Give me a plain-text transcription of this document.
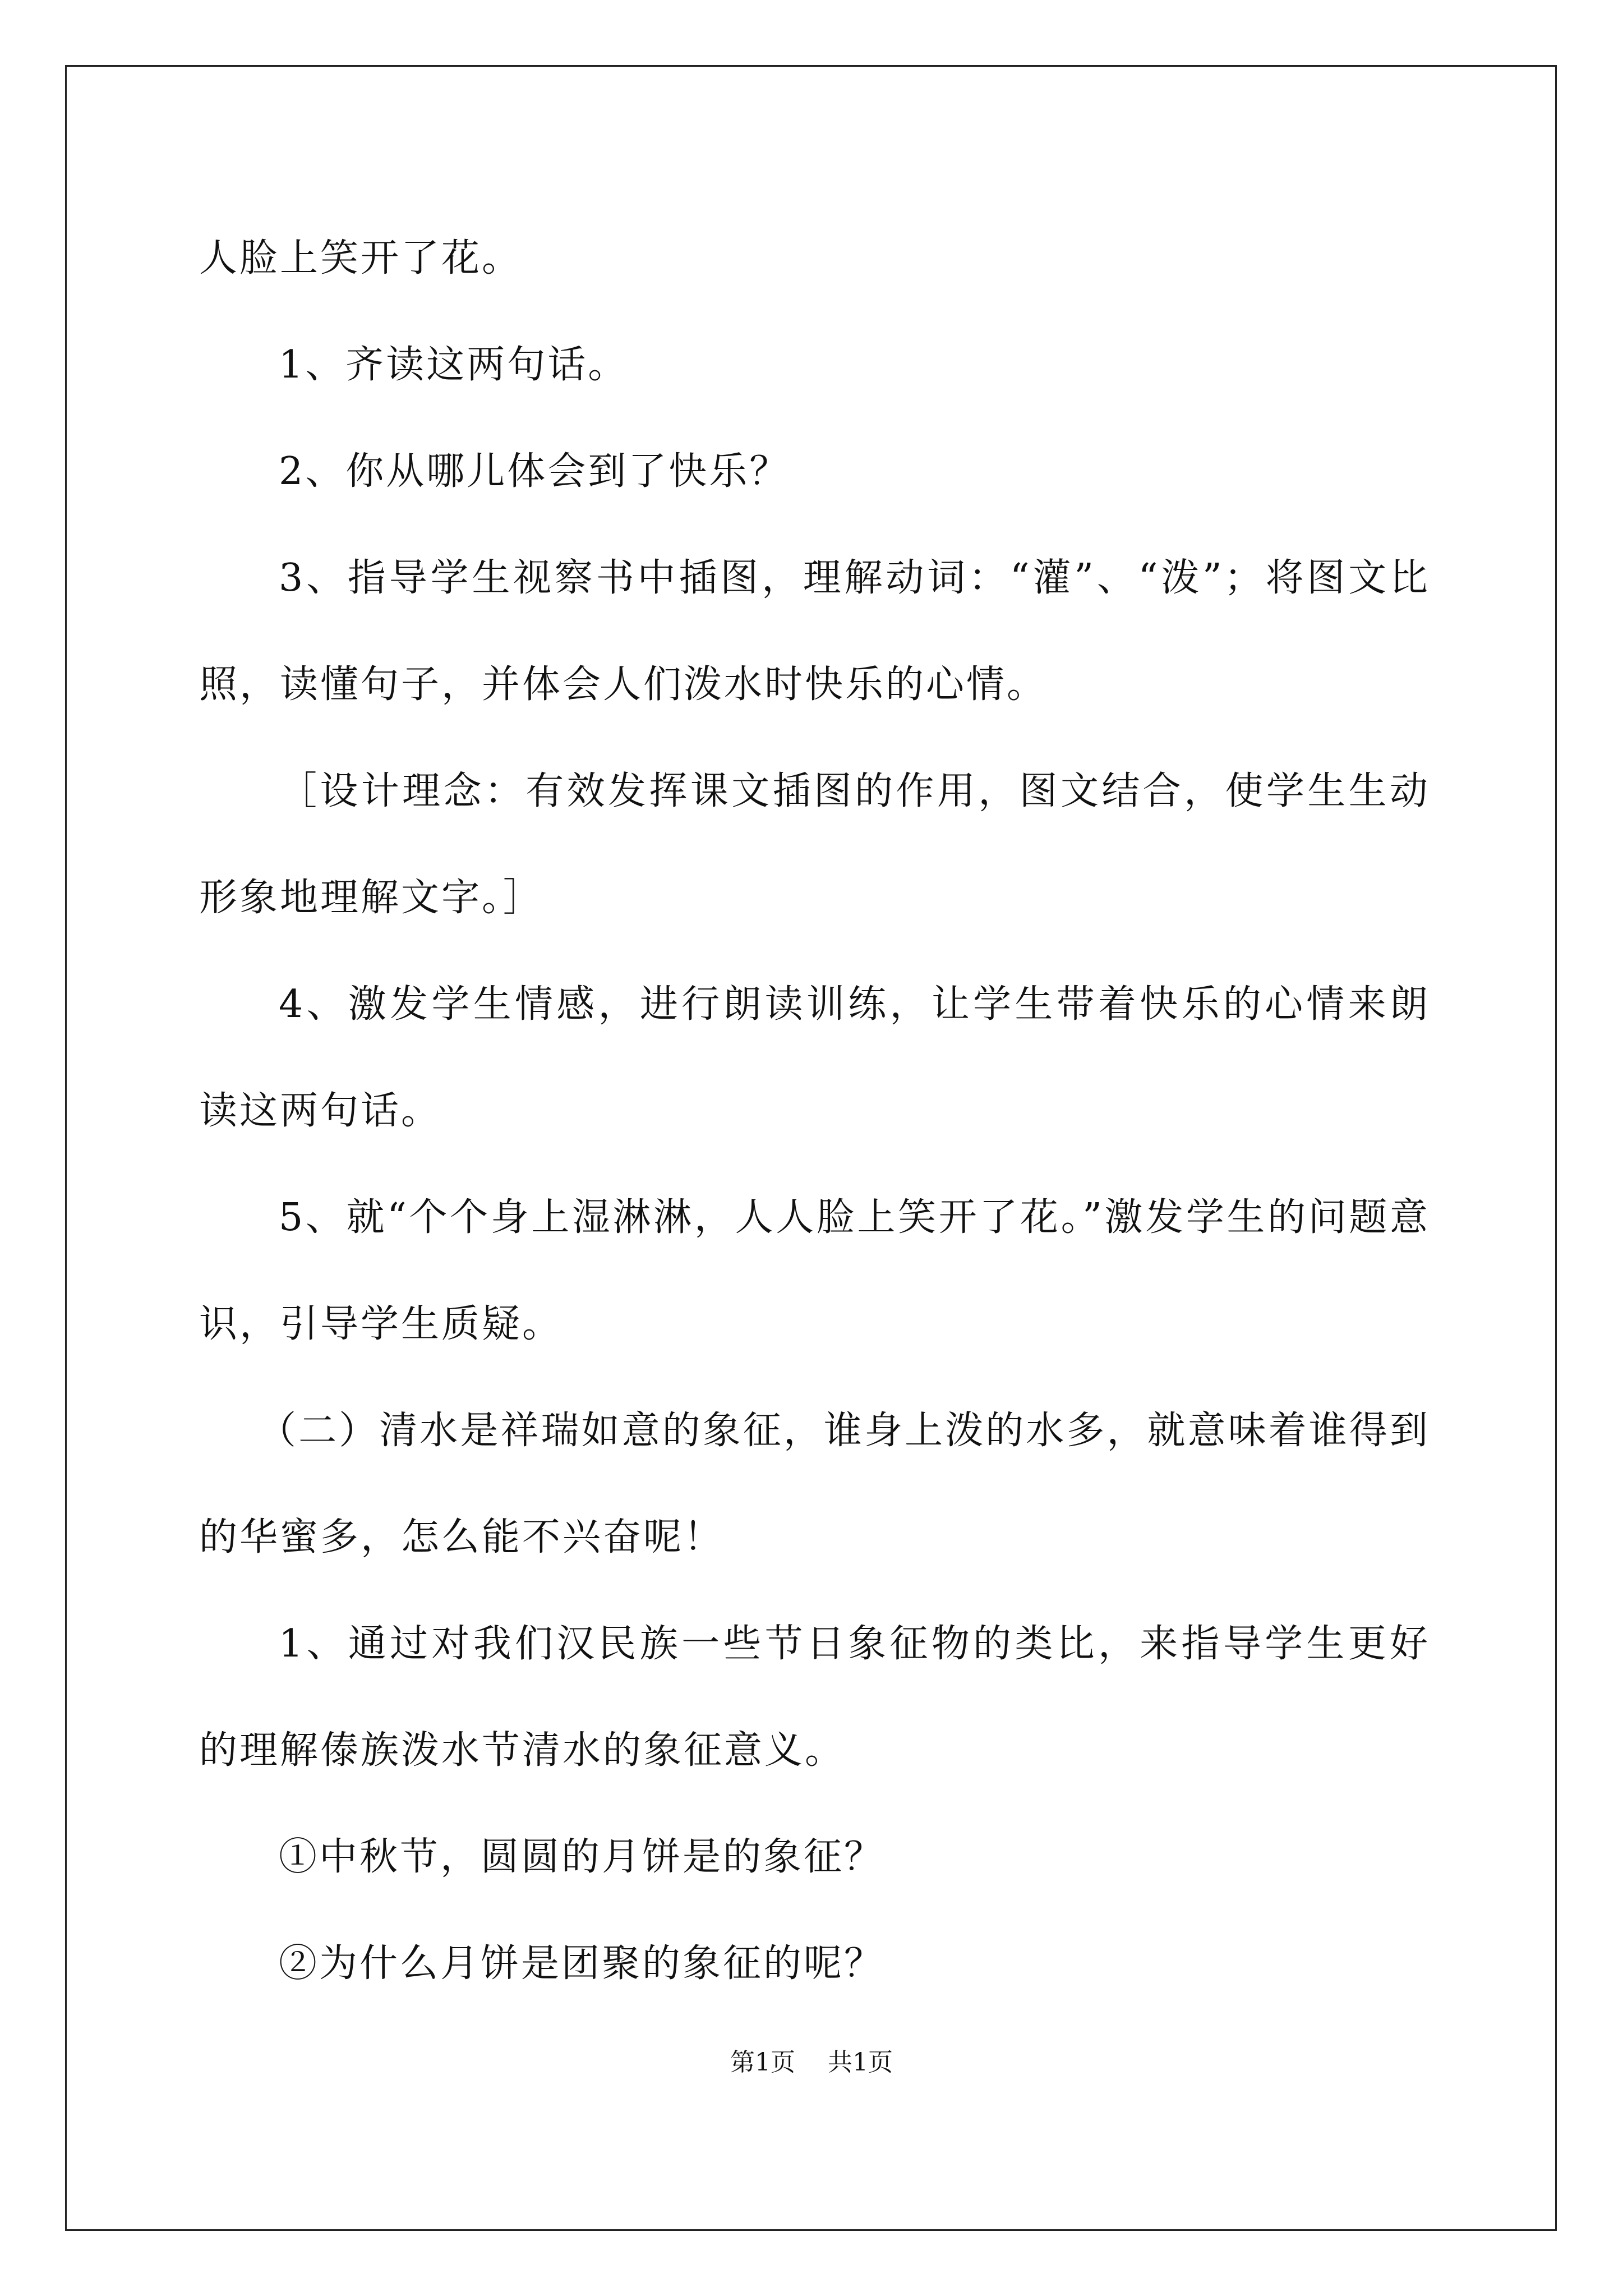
人脸上笑开了花。

1、齐读这两句话。

2、你从哪儿体会到了快乐？

3、指导学生视察书中插图，理解动词：“灌”、“泼”；将图文比照，读懂句子，并体会人们泼水时快乐的心情。

［设计理念：有效发挥课文插图的作用，图文结合，使学生生动形象地理解文字。］

4、激发学生情感，进行朗读训练，让学生带着快乐的心情来朗读这两句话。

5、就“个个身上湿淋淋，人人脸上笑开了花。”激发学生的问题意识，引导学生质疑。

（二）清水是祥瑞如意的象征，谁身上泼的水多，就意味着谁得到的华蜜多，怎么能不兴奋呢！

1、通过对我们汉民族一些节日象征物的类比，来指导学生更好的理解傣族泼水节清水的象征意义。

①中秋节，圆圆的月饼是的象征？

②为什么月饼是团聚的象征的呢？

第1页 共1页
